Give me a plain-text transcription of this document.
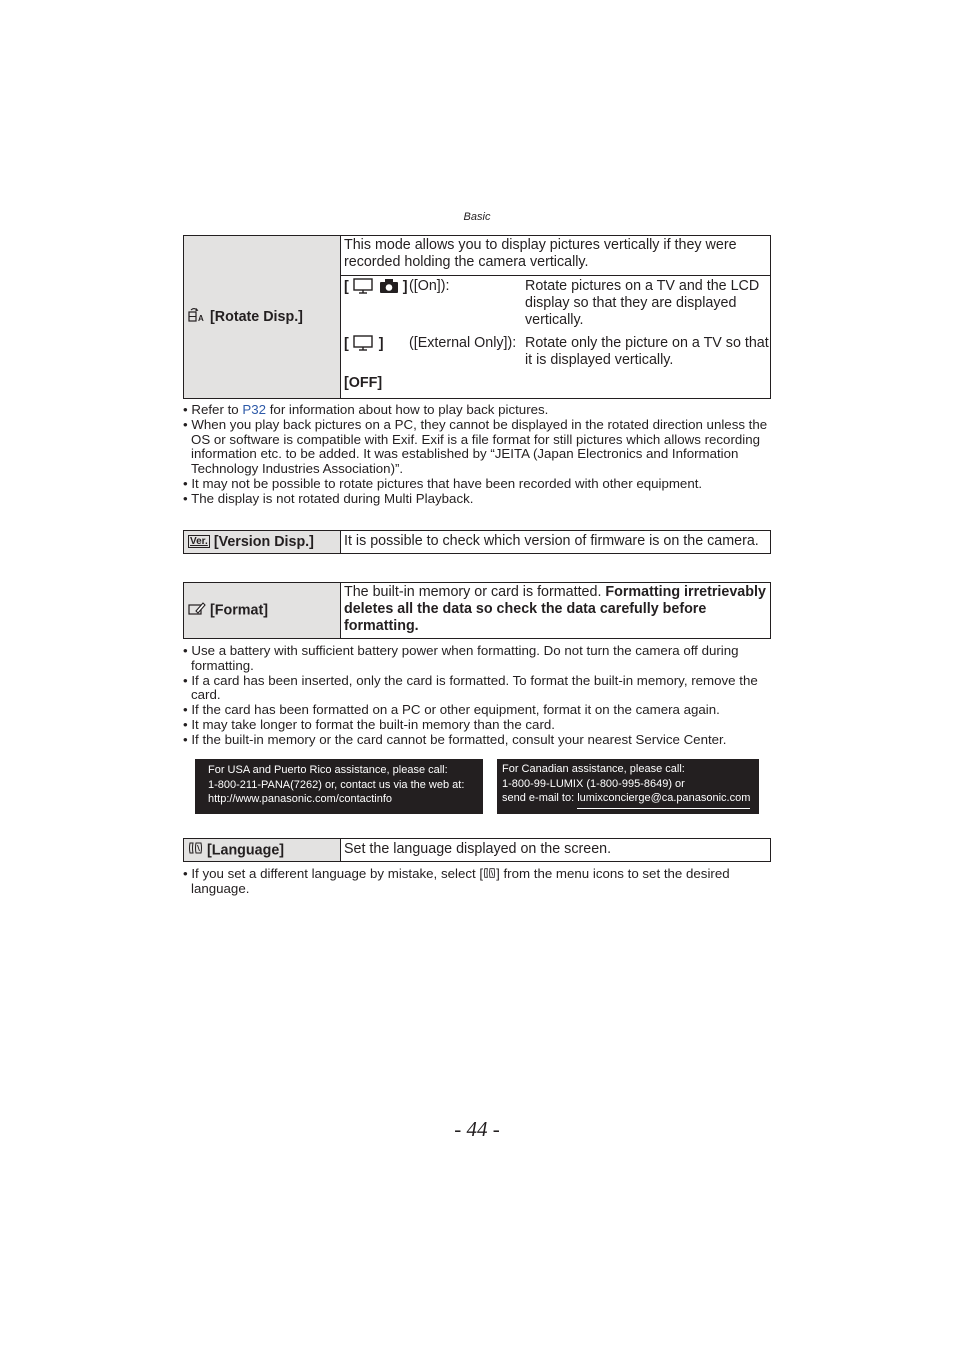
Basic
A [Rotate Disp.]	This mode allows you to display pictures vertically if they were recorded holding the camera vertically.

[	] ([On]):	Rotate pictures on a TV and the LCD display so that they are displayed vertically.
[ ] ([External Only]): Rotate only the picture on a TV so that it is displayed vertically.
[OFF]
• Refer to P32 for information about how to play back pictures.
• When you play back pictures on a PC, they cannot be displayed in the rotated direction unless the OS or software is compatible with Exif. Exif is a file format for still pictures which allows recording information etc. to be added. It was established by “JEITA (Japan Electronics and Information Technology Industries Association)”.
• It may not be possible to rotate pictures that have been recorded with other equipment.
• The display is not rotated during Multi Playback.
Ver. [Version Disp.]	It is possible to check which version of firmware is on the camera.
[Format]	The built-in memory or card is formatted. Formatting irretrievably deletes all the data so check the data carefully before formatting.
• Use a battery with sufficient battery power when formatting. Do not turn the camera off during formatting.
• If a card has been inserted, only the card is formatted. To format the built-in memory, remove the card.
• If the card has been formatted on a PC or other equipment, format it on the camera again.
• It may take longer to format the built-in memory than the card.
• If the built-in memory or the card cannot be formatted, consult your nearest Service Center.
For USA and Puerto Rico assistance, please call:
1-800-211-PANA(7262) or, contact us via the web at:
http://www.panasonic.com/contactinfo
For Canadian assistance, please call:
1-800-99-LUMIX (1-800-995-8649) or
send e-mail to: lumixconcierge@ca.panasonic.com
[Language]	Set the language displayed on the screen.
• If you set a different language by mistake, select [ ] from the menu icons to set the desired language.
- 44 -
